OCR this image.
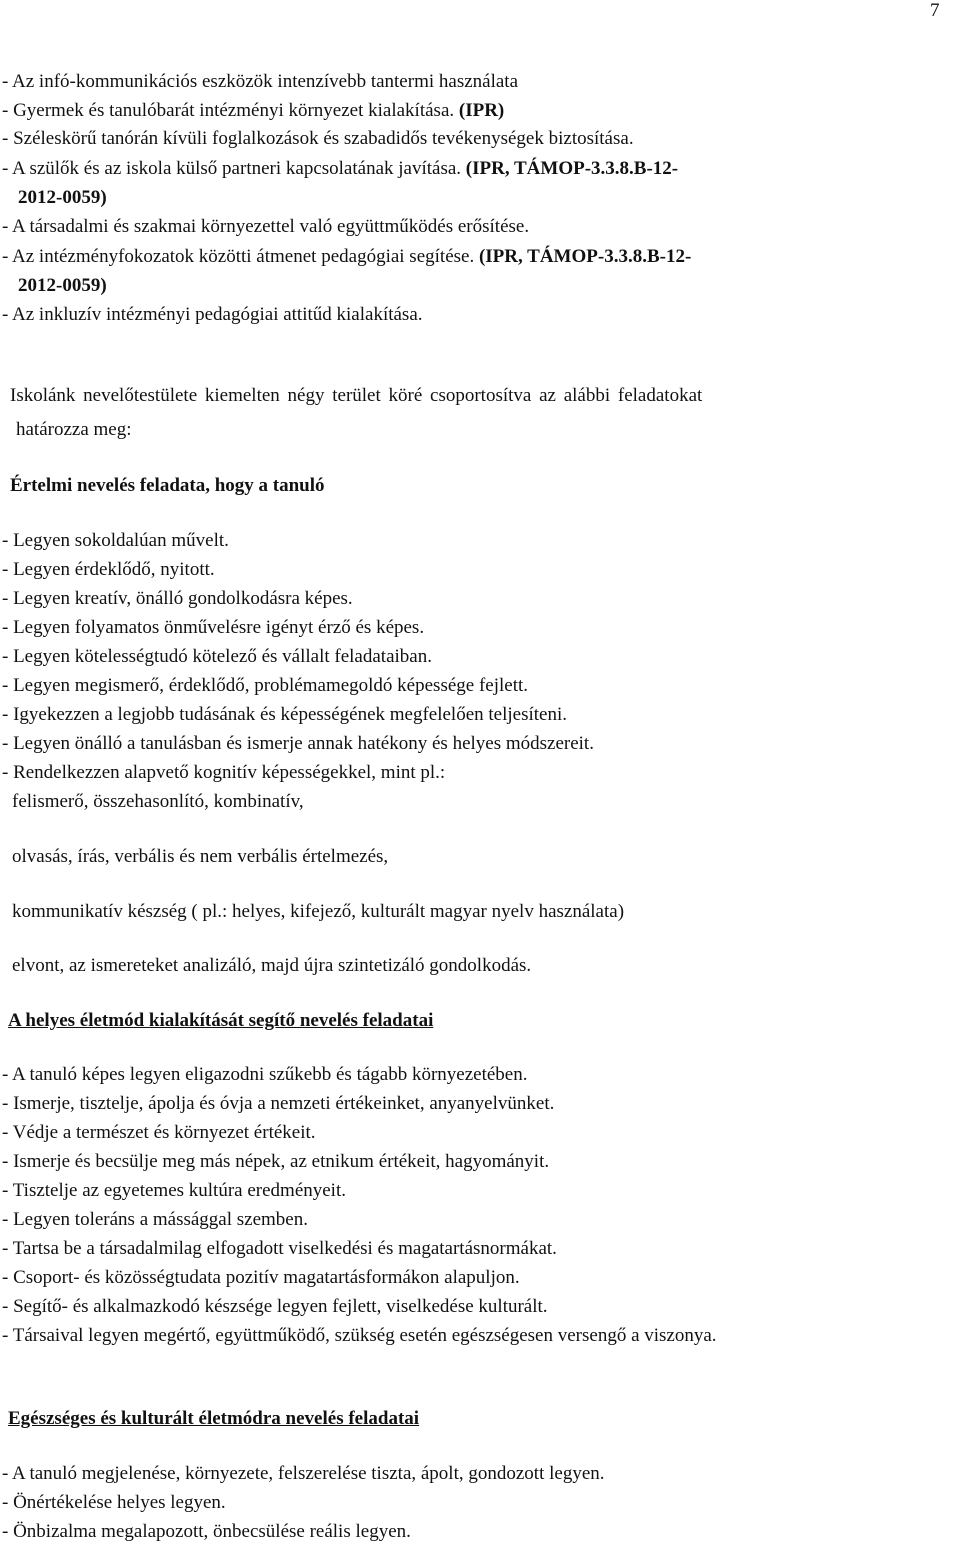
7
- Az infó-kommunikációs eszközök intenzívebb tantermi használata
- Gyermek és tanulóbarát intézményi környezet kialakítása. (IPR)
- Széleskörű tanórán kívüli foglalkozások és szabadidős tevékenységek biztosítása.
- A szülők és az iskola külső partneri kapcsolatának javítása. (IPR, TÁMOP-3.3.8.B-12-
2012-0059)
- A társadalmi és szakmai környezettel való együttműködés erősítése.
- Az intézményfokozatok közötti átmenet pedagógiai segítése. (IPR, TÁMOP-3.3.8.B-12-
2012-0059)
- Az inkluzív intézményi pedagógiai attitűd kialakítása.
Iskolánk nevelőtestülete kiemelten négy terület köré csoportosítva az alábbi feladatokat
határozza meg:
Értelmi nevelés feladata, hogy a tanuló
- Legyen sokoldalúan művelt.
- Legyen érdeklődő, nyitott.
- Legyen kreatív, önálló gondolkodásra képes.
- Legyen folyamatos önművelésre igényt érző és képes.
- Legyen kötelességtudó kötelező és vállalt feladataiban.
- Legyen megismerő, érdeklődő, problémamegoldó képessége fejlett.
- Igyekezzen a legjobb tudásának és képességének megfelelően teljesíteni.
- Legyen önálló a tanulásban és ismerje annak hatékony és helyes módszereit.
- Rendelkezzen alapvető kognitív képességekkel, mint pl.:
felismerő, összehasonlító, kombinatív,
olvasás, írás, verbális és nem verbális értelmezés,
kommunikatív készség ( pl.: helyes, kifejező, kulturált magyar nyelv használata)
elvont, az ismereteket analizáló, majd újra szintetizáló gondolkodás.
A helyes életmód kialakítását segítő nevelés feladatai
- A tanuló képes legyen eligazodni szűkebb és tágabb környezetében.
- Ismerje, tisztelje, ápolja és óvja a nemzeti értékeinket, anyanyelvünket.
- Védje a természet és környezet értékeit.
- Ismerje és becsülje meg más népek, az etnikum értékeit, hagyományit.
- Tisztelje az egyetemes kultúra eredményeit.
- Legyen toleráns a mássággal szemben.
- Tartsa be a társadalmilag elfogadott viselkedési és magatartásnormákat.
- Csoport- és közösségtudata pozitív magatartásformákon alapuljon.
- Segítő- és alkalmazkodó készsége legyen fejlett, viselkedése kulturált.
- Társaival legyen megértő, együttműködő, szükség esetén egészségesen versengő a viszonya.
Egészséges és kulturált életmódra nevelés feladatai
- A tanuló megjelenése, környezete, felszerelése tiszta, ápolt, gondozott legyen.
- Önértékelése helyes legyen.
- Önbizalma megalapozott, önbecsülése reális legyen.
